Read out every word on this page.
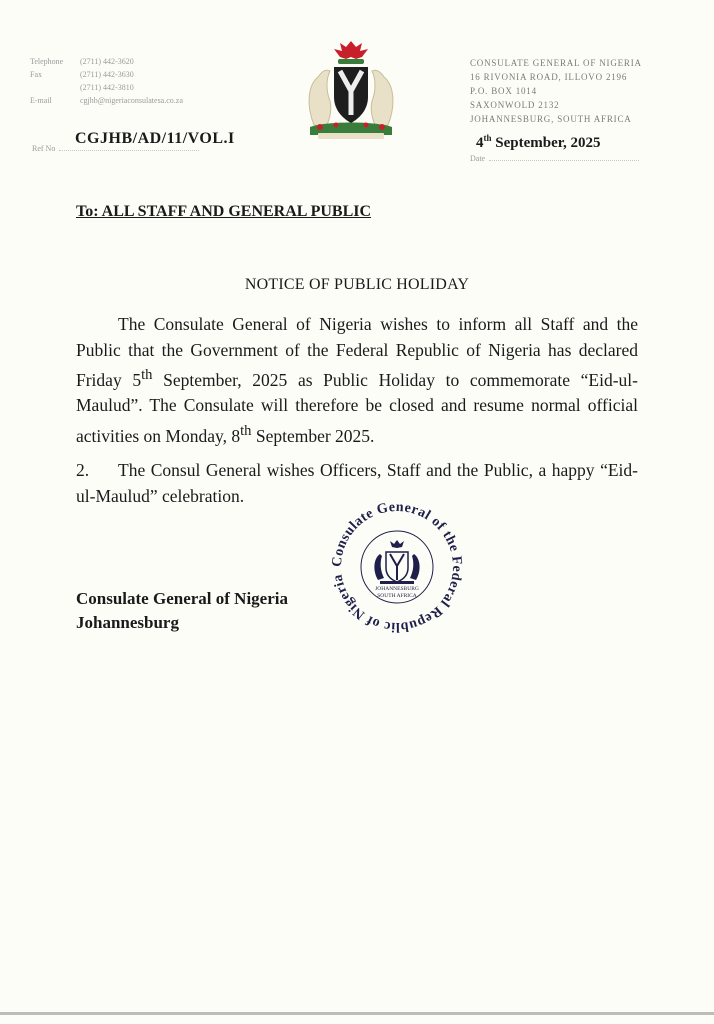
Telephone (2711) 442-3620
Fax	(2711) 442-3630
(2711) 442-3810
E-mail	cgjhb@nigeriaconsulatesa.co.za
CGJHB/AD/11/VOL.I
Ref No
CONSULATE GENERAL OF NIGERIA
16 RIVONIA ROAD, ILLOVO 2196
P.O. BOX 1014
SAXONWOLD 2132
JOHANNESBURG, SOUTH AFRICA
4th September, 2025
Date
To: ALL STAFF AND GENERAL PUBLIC
NOTICE OF PUBLIC HOLIDAY
The Consulate General of Nigeria wishes to inform all Staff and the Public that the Government of the Federal Republic of Nigeria has declared Friday 5th September, 2025 as Public Holiday to commemorate “Eid-ul-Maulud”. The Consulate will therefore be closed and resume normal official activities on Monday, 8th September 2025.
2. The Consul General wishes Officers, Staff and the Public, a happy “Eid-ul-Maulud” celebration.
Consulate General of Nigeria
Johannesburg
Consulate General of the Federal Republic of Nigeria
JOHANNESBURG
SOUTH AFRICA
